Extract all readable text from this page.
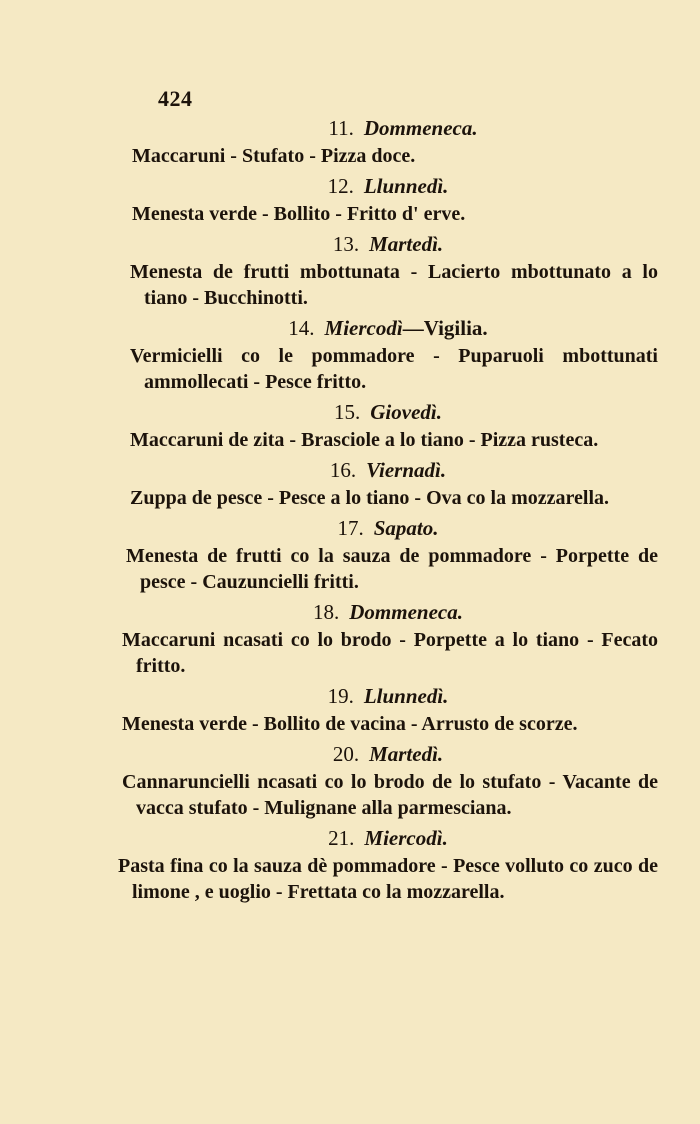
424
11. Dommeneca.
Maccaruni - Stufato - Pizza doce.
12. Llunnedì.
Menesta verde - Bollito - Fritto d' erve.
13. Martedì.
Menesta de frutti mbottunata - Lacierto mbottunato a lo tiano - Bucchinotti.
14. Miercodì—Vigilia.
Vermicielli co le pommadore - Puparuoli mbottunati ammollecati - Pesce fritto.
15. Giovedì.
Maccaruni de zita - Brasciole a lo tiano - Pizza rusteca.
16. Viernadì.
Zuppa de pesce - Pesce a lo tiano - Ova co la mozzarella.
17. Sapato.
Menesta de frutti co la sauza de pommadore - Porpette de pesce - Cauzuncielli fritti.
18. Dommeneca.
Maccaruni ncasati co lo brodo - Porpette a lo tiano - Fecato fritto.
19. Llunnedì.
Menesta verde - Bollito de vacina - Arrusto de scorze.
20. Martedì.
Cannaruncielli ncasati co lo brodo de lo stufato - Vacante de vacca stufato - Mulignane alla parmesciana.
21. Miercodì.
Pasta fina co la sauza dè pommadore - Pesce volluto co zuco de limone , e uoglio - Frettata co la mozzarella.
